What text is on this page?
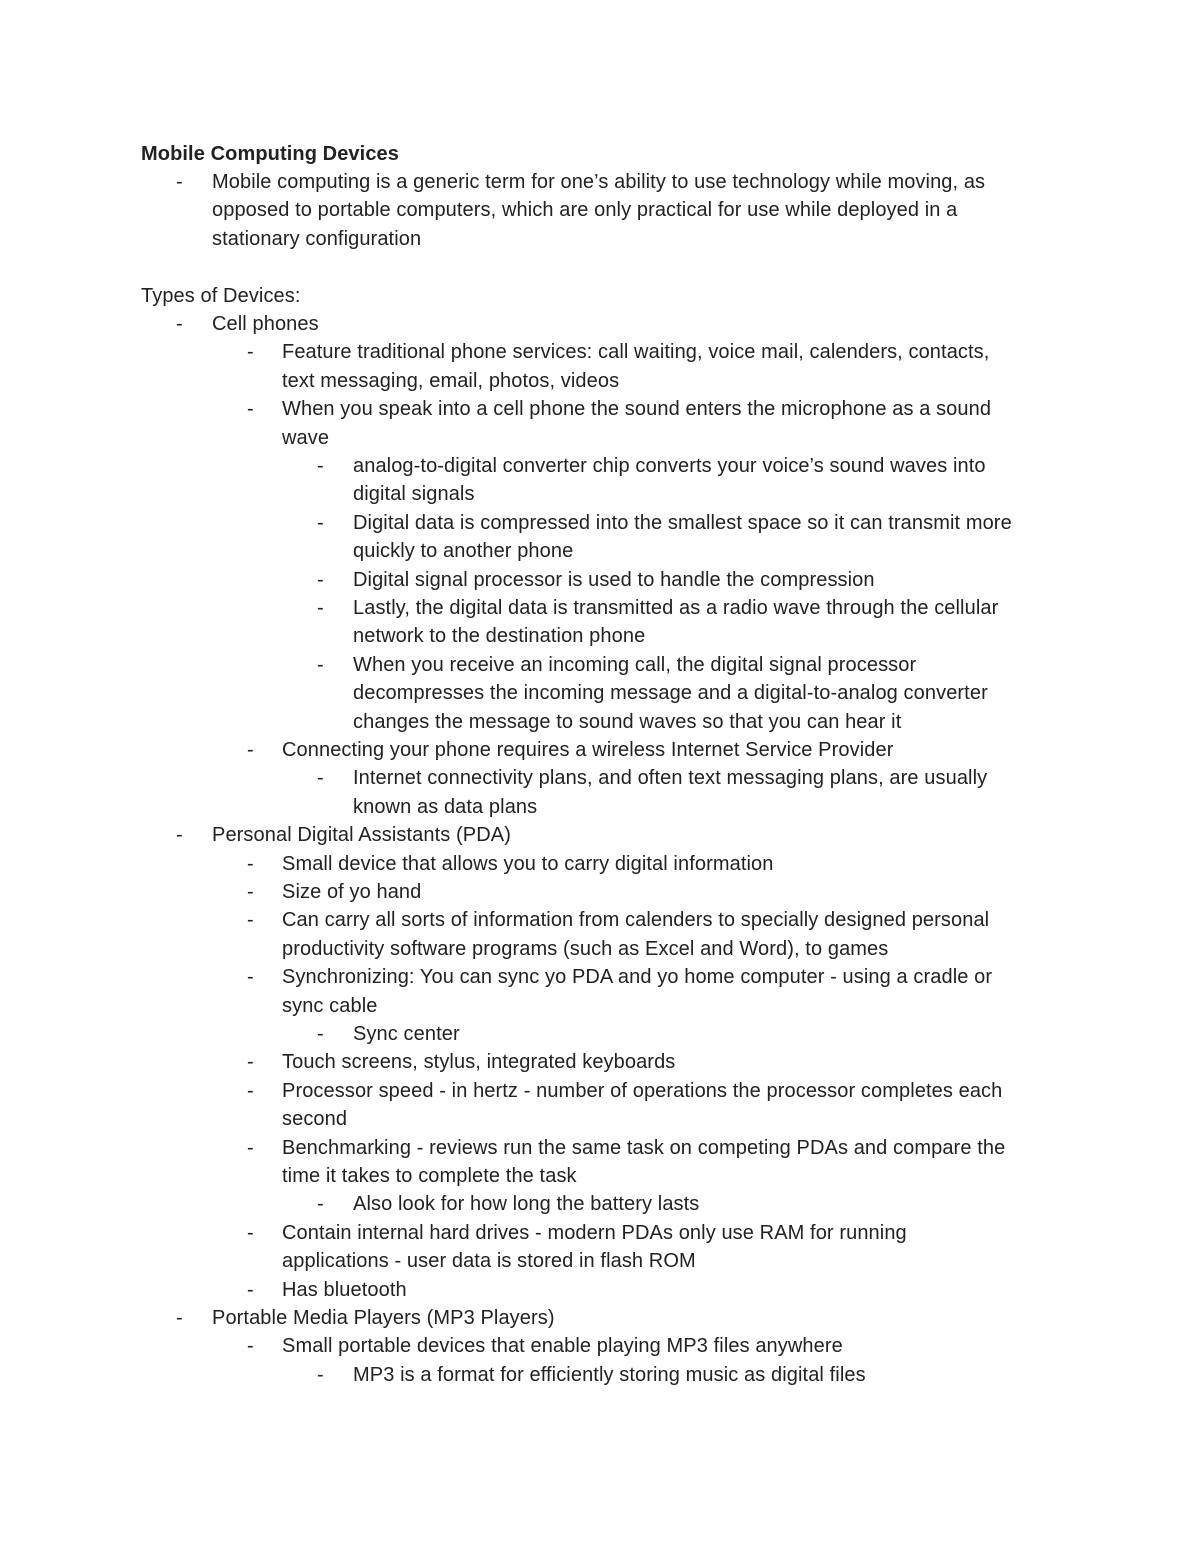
Mobile Computing Devices
- Mobile computing is a generic term for one’s ability to use technology while moving, as
opposed to portable computers, which are only practical for use while deployed in a
stationary configuration
Types of Devices:
- Cell phones
- Feature traditional phone services: call waiting, voice mail, calenders, contacts,
text messaging, email, photos, videos
- When you speak into a cell phone the sound enters the microphone as a sound
wave
- analog-to-digital converter chip converts your voice’s sound waves into
digital signals
- Digital data is compressed into the smallest space so it can transmit more
quickly to another phone
- Digital signal processor is used to handle the compression
- Lastly, the digital data is transmitted as a radio wave through the cellular
network to the destination phone
- When you receive an incoming call, the digital signal processor
decompresses the incoming message and a digital-to-analog converter
changes the message to sound waves so that you can hear it
- Connecting your phone requires a wireless Internet Service Provider
- Internet connectivity plans, and often text messaging plans, are usually
known as data plans
- Personal Digital Assistants (PDA)
- Small device that allows you to carry digital information
- Size of yo hand
- Can carry all sorts of information from calenders to specially designed personal
productivity software programs (such as Excel and Word), to games
- Synchronizing: You can sync yo PDA and yo home computer - using a cradle or
sync cable
- Sync center
- Touch screens, stylus, integrated keyboards
- Processor speed - in hertz - number of operations the processor completes each
second
- Benchmarking - reviews run the same task on competing PDAs and compare the
time it takes to complete the task
- Also look for how long the battery lasts
- Contain internal hard drives - modern PDAs only use RAM for running
applications - user data is stored in flash ROM
- Has bluetooth
- Portable Media Players (MP3 Players)
- Small portable devices that enable playing MP3 files anywhere
- MP3 is a format for efficiently storing music as digital files
